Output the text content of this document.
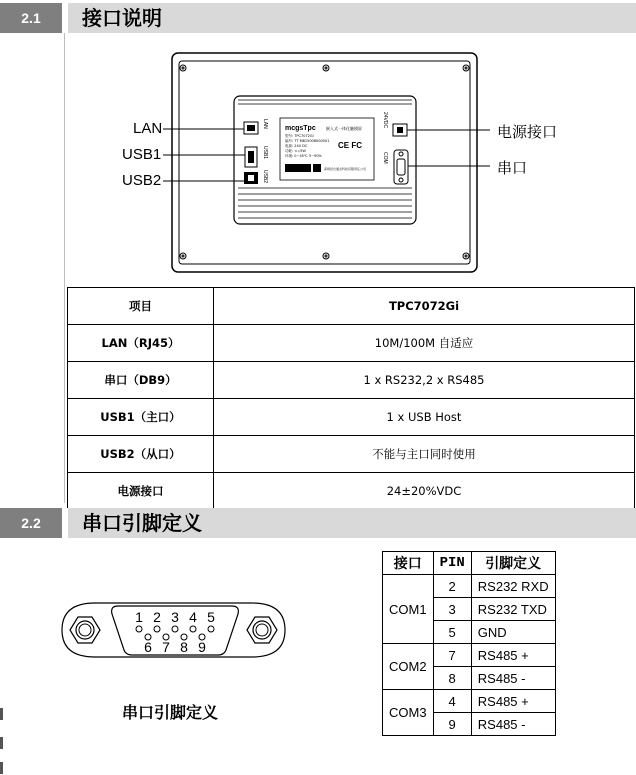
2.1	接口说明
mcgsTpc	嵌入式一体化触摸屏
型号: TPC7072Gi
编号: TT M815008000001
电源: 24V DC
功耗: <=5W
环境: 0~45℃ 5~90%
CE FC
深圳昆仑通态科技有限责任公司
LAN
USB1
USB2
24VDC
COM
LAN
USB1
USB2
电源接口
串口
项目	TPC7072Gi
LAN（RJ45）	10M/100M 自适应
串口（DB9）	1 x RS232,2 x RS485
USB1（主口）	1 x USB Host
USB2（从口）	不能与主口同时使用
电源接口	24±20%VDC
2.2	串口引脚定义
1 2 3 4 5
6 7 8 9
串口引脚定义
接口	PIN	引脚定义
COM1	2	RS232 RXD
	3	RS232 TXD
	5	GND
COM2	7	RS485 +
	8	RS485 -
COM3	4	RS485 +
	9	RS485 -
